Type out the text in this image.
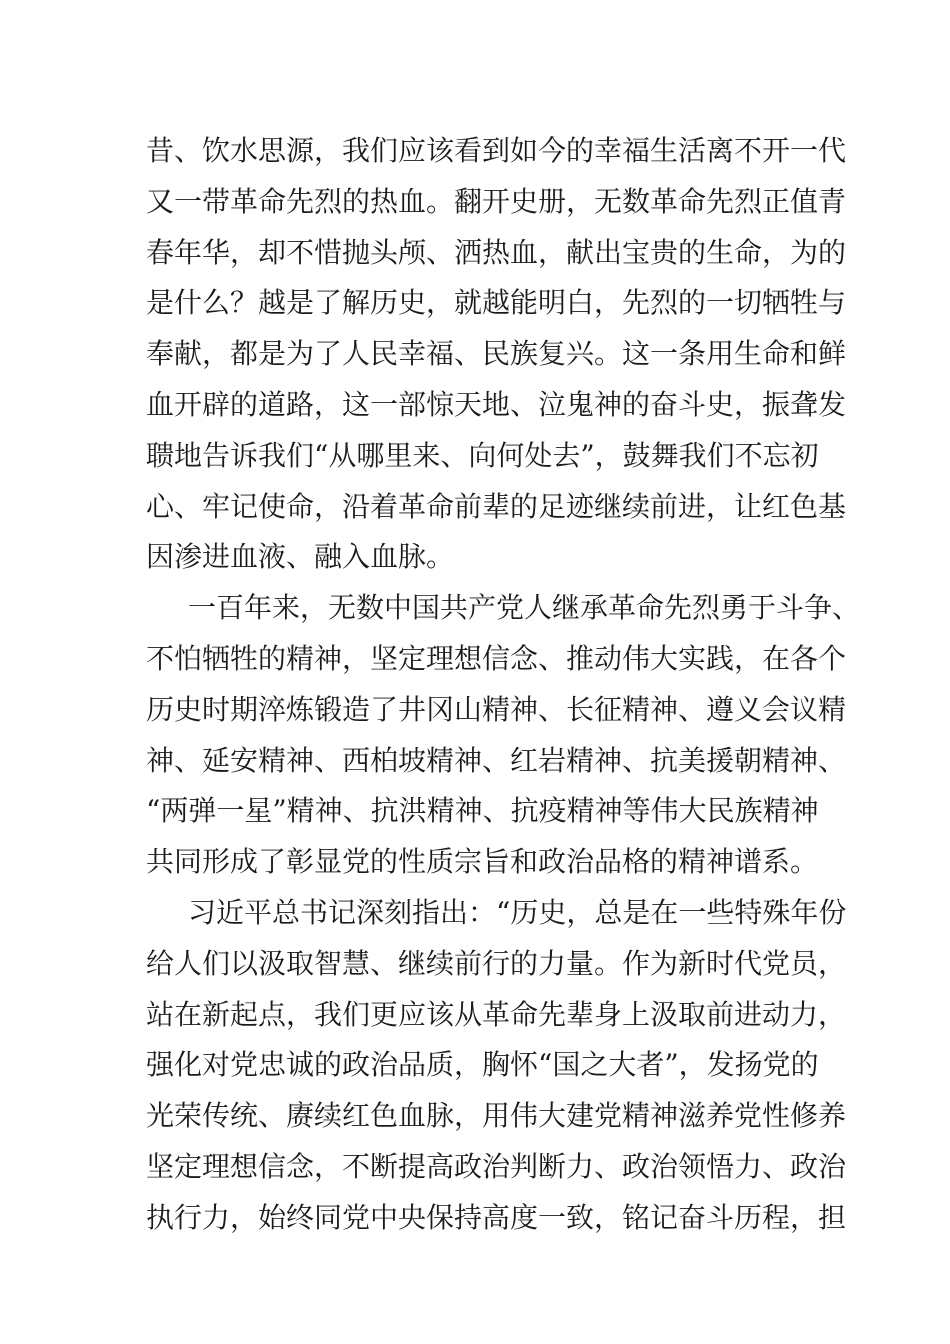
昔、饮水思源，我们应该看到如今的幸福生活离不开一代
又一带革命先烈的热血。翻开史册，无数革命先烈正值青
春年华，却不惜抛头颅、洒热血，献出宝贵的生命，为的
是什么？越是了解历史，就越能明白，先烈的一切牺牲与
奉献，都是为了人民幸福、民族复兴。这一条用生命和鲜
血开辟的道路，这一部惊天地、泣鬼神的奋斗史，振聋发
聩地告诉我们“从哪里来、向何处去”，鼓舞我们不忘初
心、牢记使命，沿着革命前辈的足迹继续前进，让红色基
因渗进血液、融入血脉。
一百年来，无数中国共产党人继承革命先烈勇于斗争、
不怕牺牲的精神，坚定理想信念、推动伟大实践，在各个
历史时期淬炼锻造了井冈山精神、长征精神、遵义会议精
神、延安精神、西柏坡精神、红岩精神、抗美援朝精神、
“两弹一星”精神、抗洪精神、抗疫精神等伟大民族精神
共同形成了彰显党的性质宗旨和政治品格的精神谱系。
习近平总书记深刻指出：“历史，总是在一些特殊年份
给人们以汲取智慧、继续前行的力量。作为新时代党员，
站在新起点，我们更应该从革命先辈身上汲取前进动力，
强化对党忠诚的政治品质，胸怀“国之大者”，发扬党的
光荣传统、赓续红色血脉，用伟大建党精神滋养党性修养
坚定理想信念，不断提高政治判断力、政治领悟力、政治
执行力，始终同党中央保持高度一致，铭记奋斗历程，担
